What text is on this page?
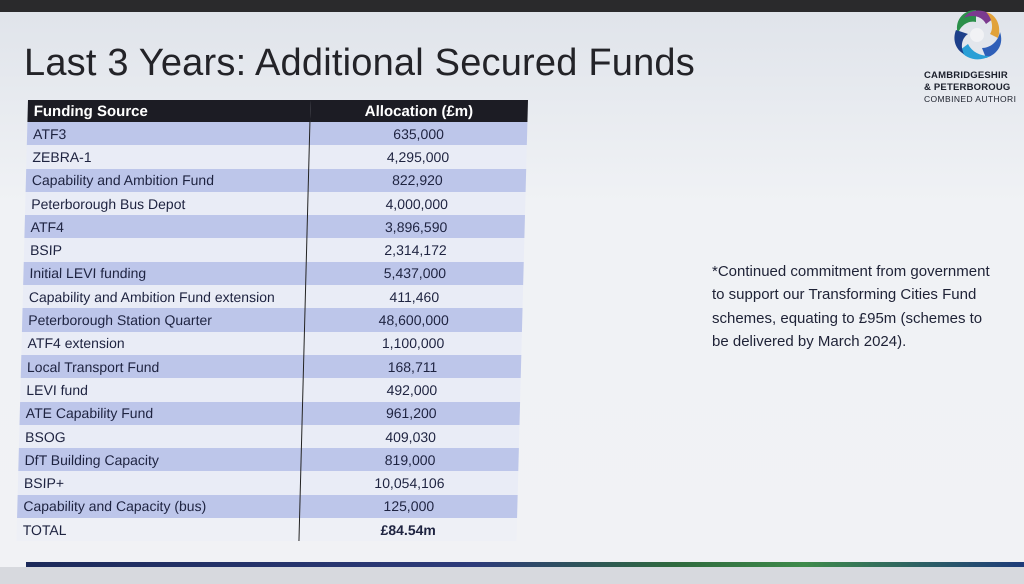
Last 3 Years: Additional Secured Funds	CAMBRIDGESHIR
& PETERBOROUG
COMBINED AUTHORI
Funding Source	Allocation (£m)
ATF3	635,000
ZEBRA-1	4,295,000
Capability and Ambition Fund	822,920
Peterborough Bus Depot	4,000,000
ATF4	3,896,590
BSIP	2,314,172
Initial LEVI funding	5,437,000
Capability and Ambition Fund extension	411,460
Peterborough Station Quarter	48,600,000
ATF4 extension	1,100,000
Local Transport Fund	168,711
LEVI fund	492,000
ATE Capability Fund	961,200
BSOG	409,030
DfT Building Capacity	819,000
BSIP+	10,054,106
Capability and Capacity (bus)	125,000
TOTAL	£84.54m
*Continued commitment from government to support our Transforming Cities Fund schemes, equating to £95m (schemes to be delivered by March 2024).
